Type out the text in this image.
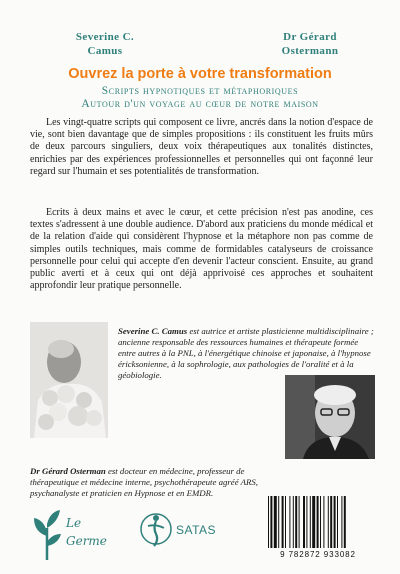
Severine C.
Camus
Dr Gérard
Ostermann
Ouvrez la porte à votre transformation
Scripts hypnotiques et métaphoriques
Autour d'un voyage au cœur de notre maison

Les vingt-quatre scripts qui composent ce livre, ancrés dans la notion d'espace de vie, sont bien davantage que de simples propositions : ils constituent les fruits mûrs de deux parcours singuliers, deux voix thérapeutiques aux tonalités distinctes, enrichies par des expériences professionnelles et personnelles qui ont façonné leur regard sur l'humain et ses potentialités de transformation.

Ecrits à deux mains et avec le cœur, et cette précision n'est pas anodine, ces textes s'adressent à une double audience. D'abord aux praticiens du monde médical et de la relation d'aide qui considèrent l'hypnose et la métaphore non pas comme de simples outils techniques, mais comme de formidables catalyseurs de croissance personnelle pour celui qui accepte d'en devenir l'acteur conscient. Ensuite, au grand public averti et à ceux qui ont déjà apprivoisé ces approches et souhaitent approfondir leur pratique personnelle.

Severine C. Camus est autrice et artiste plasticienne multidisciplinaire ; ancienne responsable des ressources humaines et thérapeute formée entre autres à la PNL, à l'énergétique chinoise et japonaise, à l'hypnose éricksonienne, à la sophrologie, aux pathologies de l'oralité et à la géobiologie.

Dr Gérard Osterman est docteur en médecine, professeur de thérapeutique et médecine interne, psychothérapeute agréé ARS, psychanalyste et praticien en Hypnose et en EMDR.

Le
Germe
SATAS
9 782872 933082
